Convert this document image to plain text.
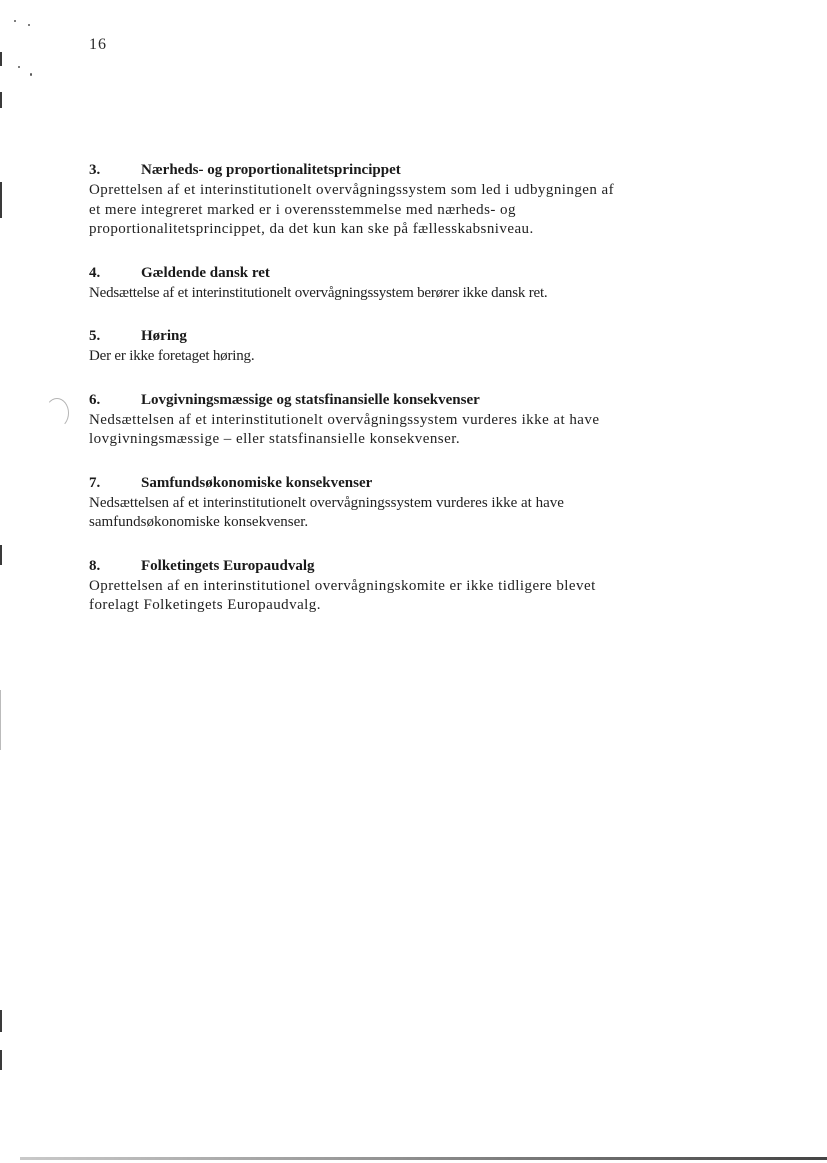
16
3.	Nærheds- og proportionalitetsprincippet

Oprettelsen af et interinstitutionelt overvågningssystem som led i udbygningen af et mere integreret marked er i overensstemmelse med nærheds- og proportionalitetsprincippet, da det kun kan ske på fællesskabsniveau.

4.	Gældende dansk ret

Nedsættelse af et interinstitutionelt overvågningssystem berører ikke dansk ret.

5.	Høring

Der er ikke foretaget høring.

6.	Lovgivningsmæssige og statsfinansielle konsekvenser

Nedsættelsen af et interinstitutionelt overvågningssystem vurderes ikke at have lovgivningsmæssige – eller statsfinansielle konsekvenser.

7.	Samfundsøkonomiske konsekvenser

Nedsættelsen af et interinstitutionelt overvågningssystem vurderes ikke at have samfundsøkonomiske konsekvenser.

8.	Folketingets Europaudvalg

Oprettelsen af en interinstitutionel overvågningskomite er ikke tidligere blevet forelagt Folketingets Europaudvalg.
